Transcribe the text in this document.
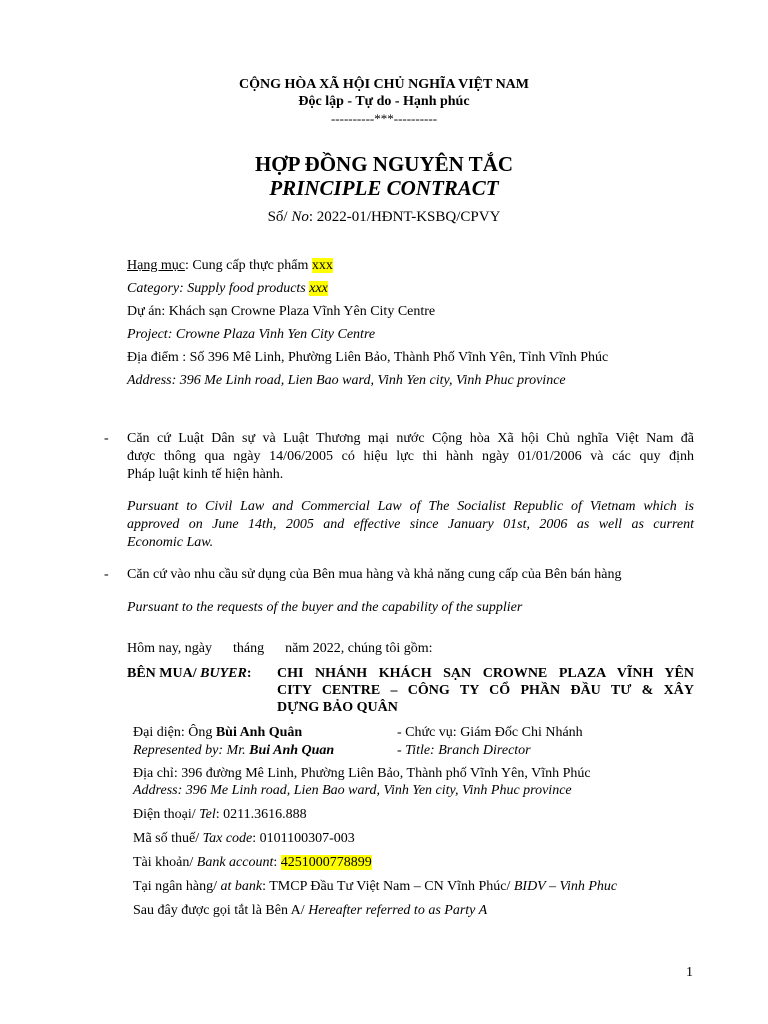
CỘNG HÒA XÃ HỘI CHỦ NGHĨA VIỆT NAM
Độc lập - Tự do - Hạnh phúc
----------***----------
HỢP ĐỒNG NGUYÊN TẮC
PRINCIPLE CONTRACT
Số/ No: 2022-01/HĐNT-KSBQ/CPVY
Hạng mục: Cung cấp thực phẩm xxx
Category: Supply food products xxx
Dự án: Khách sạn Crowne Plaza Vĩnh Yên City Centre
Project: Crowne Plaza Vinh Yen City Centre
Địa điểm : Số 396 Mê Linh, Phường Liên Bảo, Thành Phố Vĩnh Yên, Tỉnh Vĩnh Phúc
Address: 396 Me Linh road, Lien Bao ward, Vinh Yen city, Vinh Phuc province
- Căn cứ Luật Dân sự và Luật Thương mại nước Cộng hòa Xã hội Chủ nghĩa Việt Nam đã
được thông qua ngày 14/06/2005 có hiệu lực thi hành ngày 01/01/2006 và các quy định
Pháp luật kinh tế hiện hành.
Pursuant to Civil Law and Commercial Law of The Socialist Republic of Vietnam which is
approved on June 14th, 2005 and effective since January 01st, 2006 as well as current
Economic Law.
- Căn cứ vào nhu cầu sử dụng của Bên mua hàng và khả năng cung cấp của Bên bán hàng
Pursuant to the requests of the buyer and the capability of the supplier
Hôm nay, ngày      tháng      năm 2022, chúng tôi gồm:
BÊN MUA/ BUYER: CHI NHÁNH KHÁCH SẠN CROWNE PLAZA VĨNH YÊN
CITY CENTRE – CÔNG TY CỔ PHẦN ĐẦU TƯ & XÂY
DỰNG BẢO QUÂN
Đại diện: Ông Bùi Anh Quân	- Chức vụ: Giám Đốc Chi Nhánh
Represented by: Mr. Bui Anh Quan	- Title: Branch Director
Địa chỉ: 396 đường Mê Linh, Phường Liên Bảo, Thành phố Vĩnh Yên, Vĩnh Phúc
Address: 396 Me Linh road, Lien Bao ward, Vinh Yen city, Vinh Phuc province
Điện thoại/ Tel: 0211.3616.888
Mã số thuế/ Tax code: 0101100307-003
Tài khoản/ Bank account: 4251000778899
Tại ngân hàng/ at bank: TMCP Đầu Tư Việt Nam – CN Vĩnh Phúc/ BIDV – Vinh Phuc
Sau đây được gọi tắt là Bên A/ Hereafter referred to as Party A
1
